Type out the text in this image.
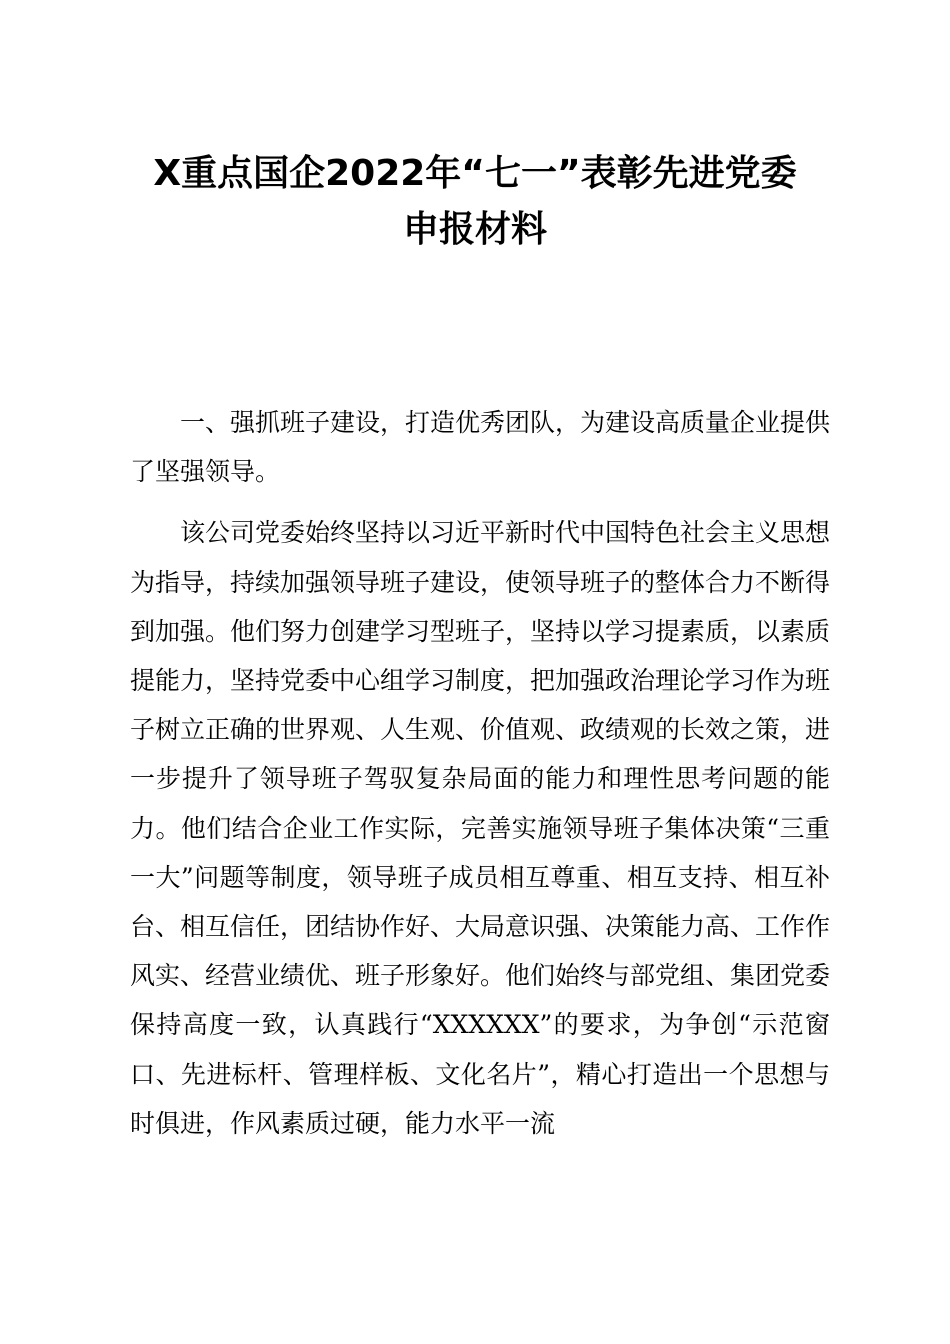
X重点国企2022年“七一”表彰先进党委
申报材料

一、强抓班子建设，打造优秀团队，为建设高质量企业提供了坚强领导。

该公司党委始终坚持以习近平新时代中国特色社会主义思想为指导，持续加强领导班子建设，使领导班子的整体合力不断得到加强。他们努力创建学习型班子，坚持以学习提素质，以素质提能力，坚持党委中心组学习制度，把加强政治理论学习作为班子树立正确的世界观、人生观、价值观、政绩观的长效之策，进一步提升了领导班子驾驭复杂局面的能力和理性思考问题的能力。他们结合企业工作实际，完善实施领导班子集体决策“三重一大”问题等制度，领导班子成员相互尊重、相互支持、相互补台、相互信任，团结协作好、大局意识强、决策能力高、工作作风实、经营业绩优、班子形象好。他们始终与部党组、集团党委保持高度一致，认真践行“XXXXXX”的要求，为争创“示范窗口、先进标杆、管理样板、文化名片”，精心打造出一个思想与时俱进，作风素质过硬，能力水平一流
